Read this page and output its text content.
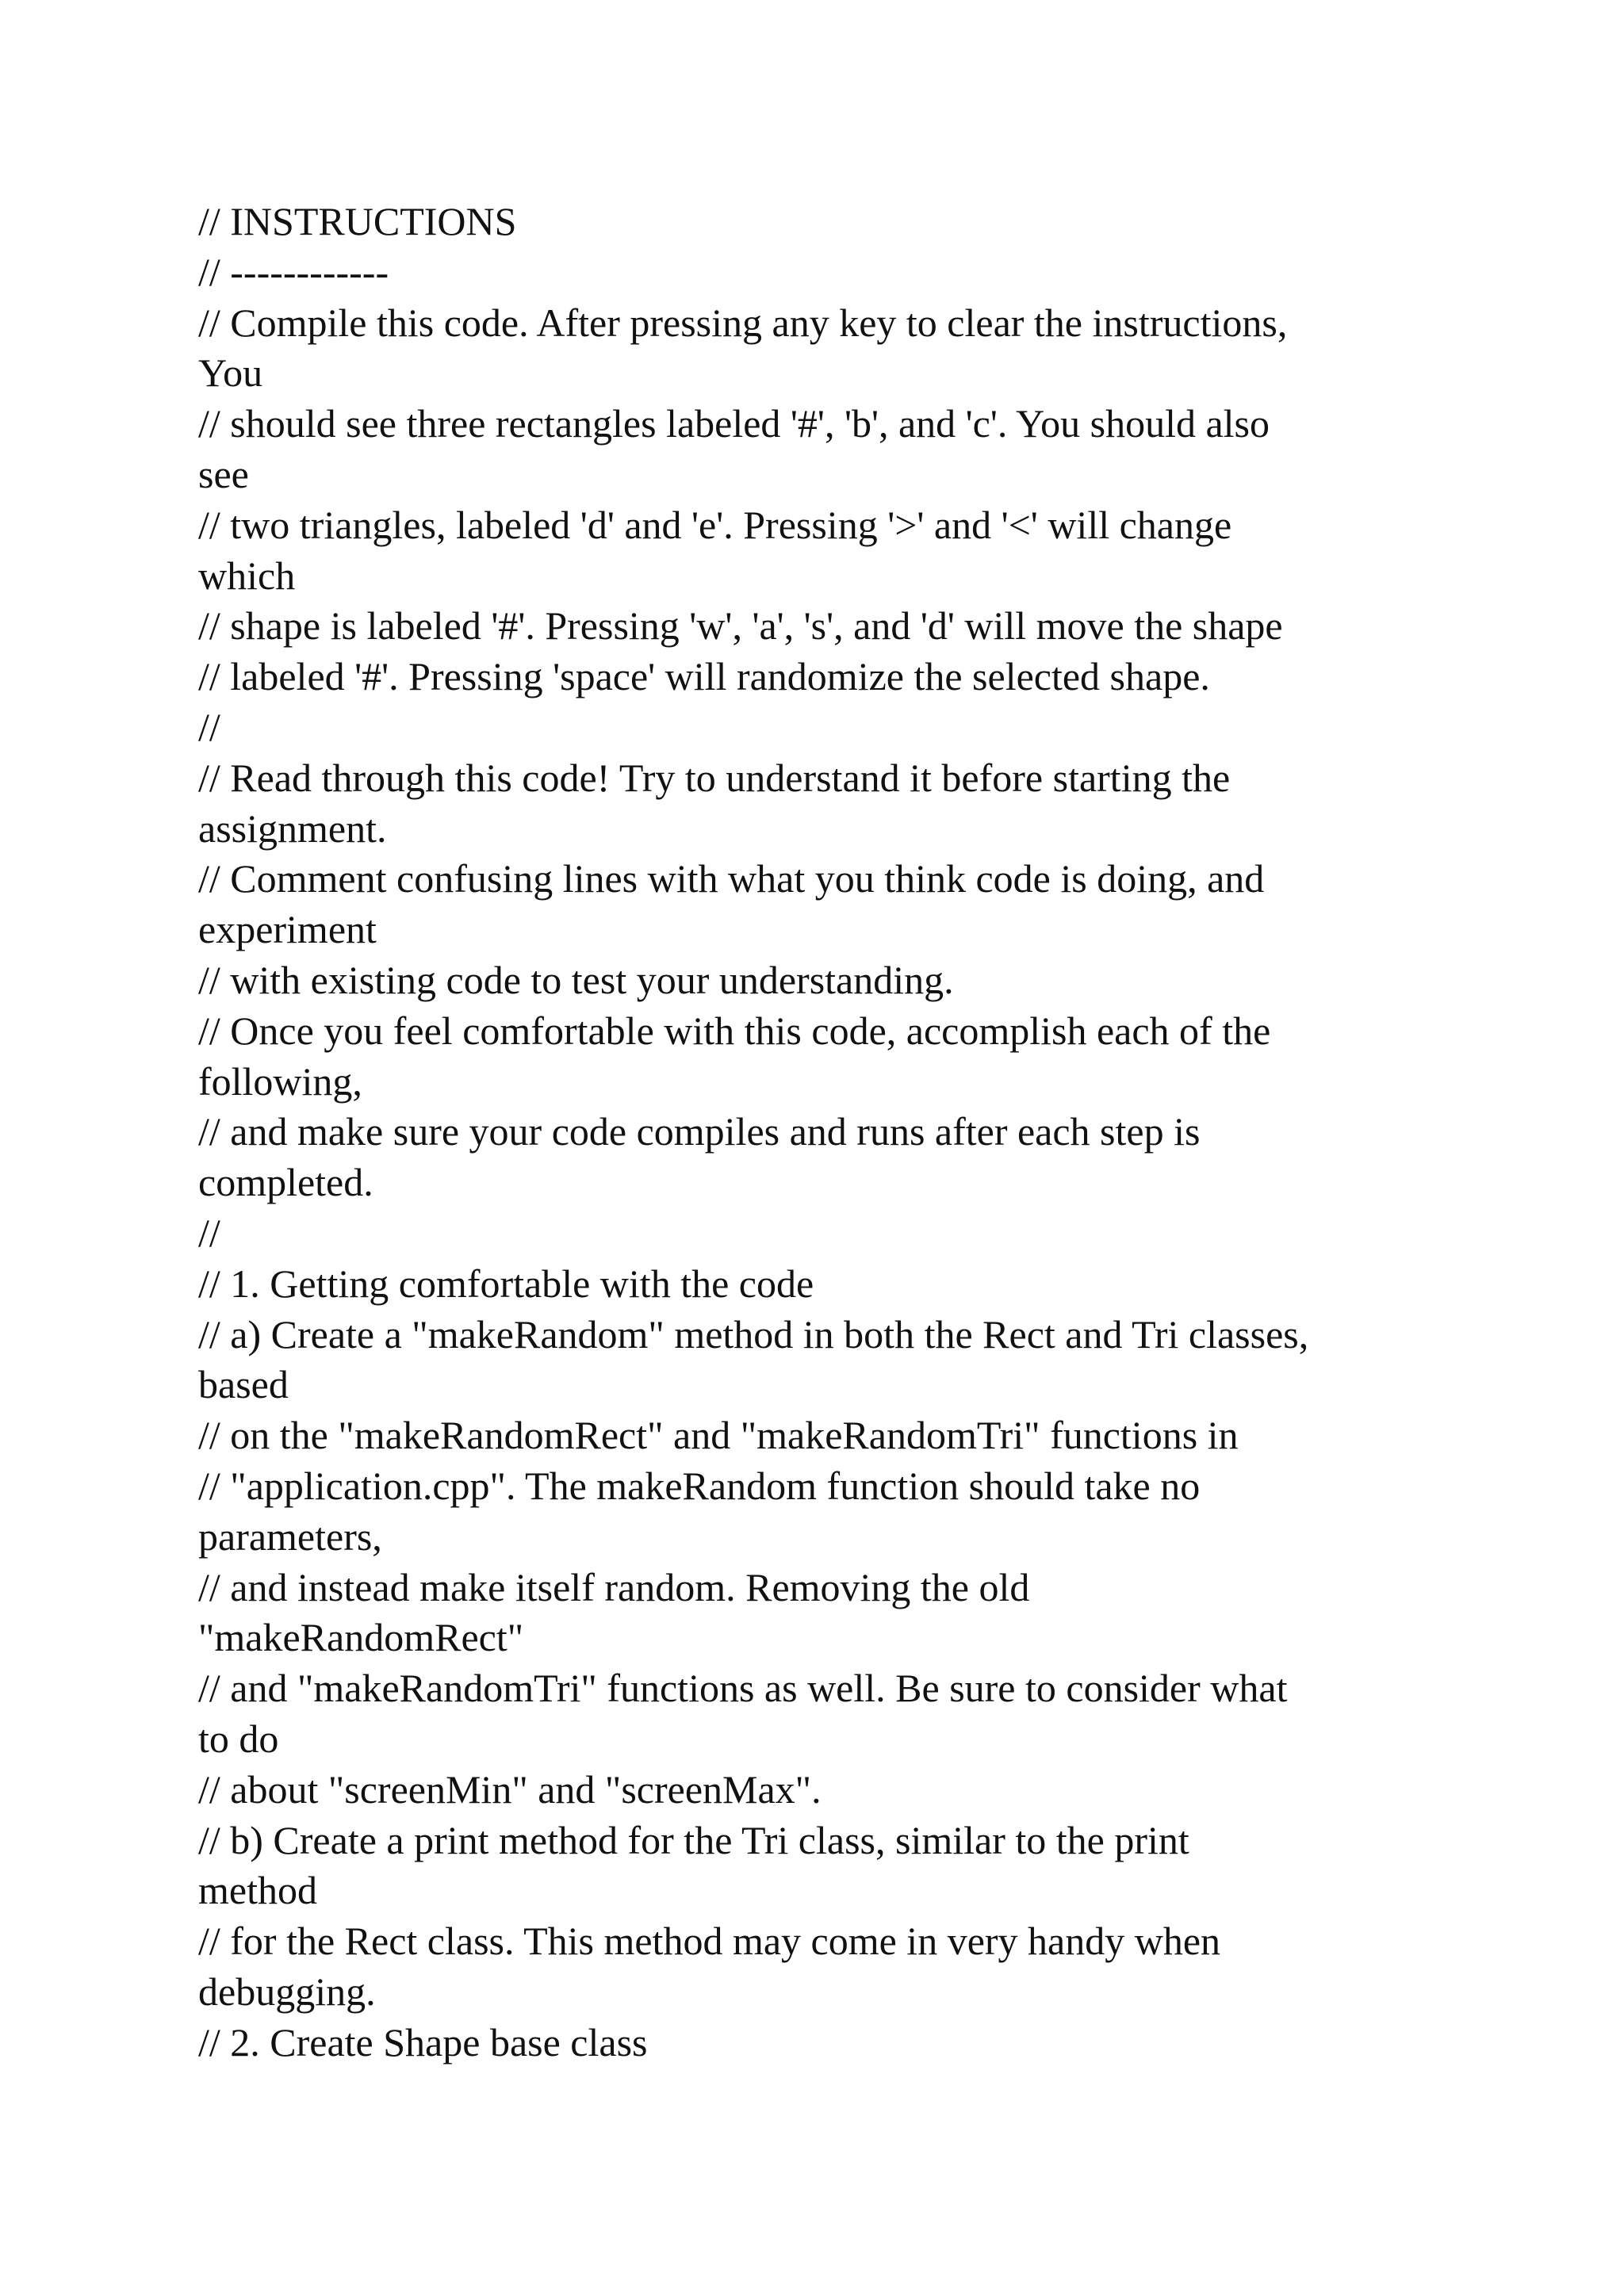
// INSTRUCTIONS
// ------------
// Compile this code. After pressing any key to clear the instructions,
You
// should see three rectangles labeled '#', 'b', and 'c'. You should also
see
// two triangles, labeled 'd' and 'e'. Pressing '>' and '<' will change
which
// shape is labeled '#'. Pressing 'w', 'a', 's', and 'd' will move the shape
// labeled '#'. Pressing 'space' will randomize the selected shape.
//
// Read through this code! Try to understand it before starting the
assignment.
// Comment confusing lines with what you think code is doing, and
experiment
// with existing code to test your understanding.
// Once you feel comfortable with this code, accomplish each of the
following,
// and make sure your code compiles and runs after each step is
completed.
//
// 1. Getting comfortable with the code
// a) Create a "makeRandom" method in both the Rect and Tri classes,
based
// on the "makeRandomRect" and "makeRandomTri" functions in
// "application.cpp". The makeRandom function should take no
parameters,
// and instead make itself random. Removing the old
"makeRandomRect"
// and "makeRandomTri" functions as well. Be sure to consider what
to do
// about "screenMin" and "screenMax".
// b) Create a print method for the Tri class, similar to the print
method
// for the Rect class. This method may come in very handy when
debugging.
// 2. Create Shape base class
